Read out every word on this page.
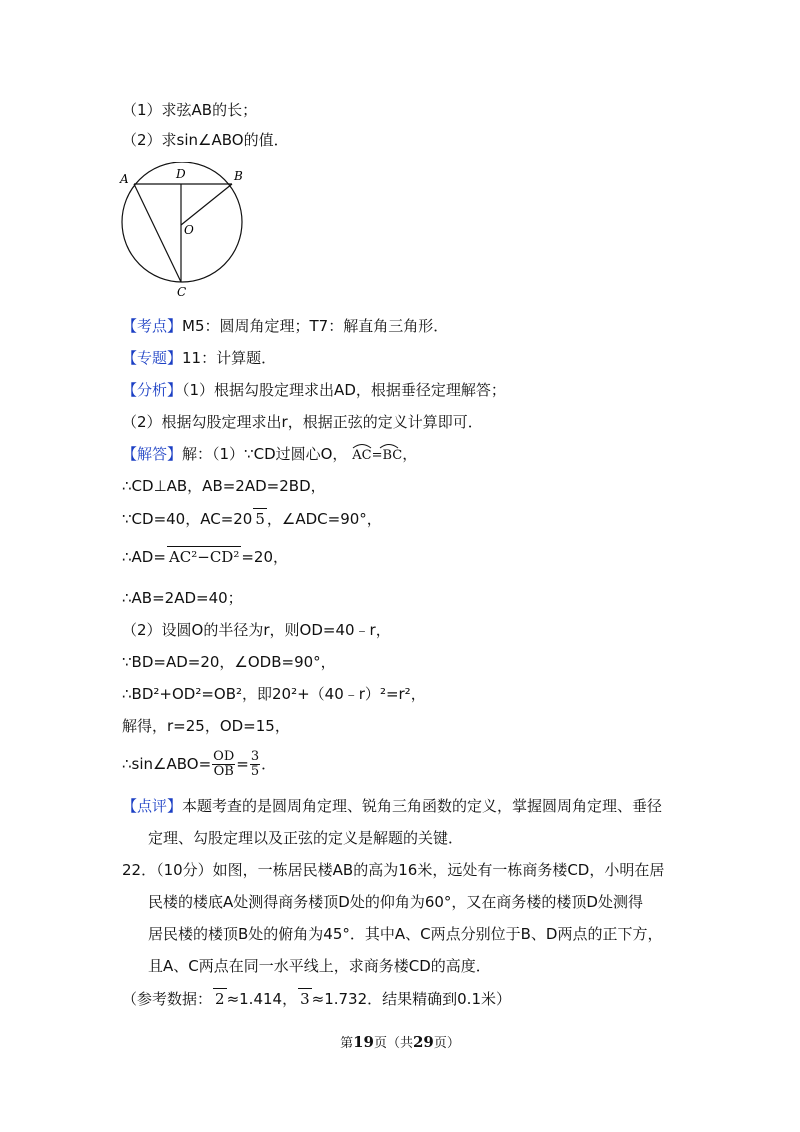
（1）求弦AB的长；
（2）求sin∠ABO的值．
A	D	B
O
C
【考点】M5：圆周角定理；T7：解直角三角形．
【专题】11：计算题．
【分析】（1）根据勾股定理求出AD，根据垂径定理解答；
（2）根据勾股定理求出r，根据正弦的定义计算即可．
【解答】解：（1）∵CD过圆心O， AC=BC，
∴CD⊥AB，AB=2AD=2BD，
∵CD=40，AC=20 5 ，∠ADC=90°，
∴AD= AC²−CD² =20，
∴AB=2AD=40；
（2）设圆O的半径为r，则OD=40﹣r，
∵BD=AD=20，∠ODB=90°，
∴BD²+OD²=OB²，即20²+（40﹣r）²=r²，
解得，r=25，OD=15，
∴sin∠ABO= $\frac{OD}{OB} = \frac{3}{5}$ ．
【点评】本题考查的是圆周角定理、锐角三角函数的定义，掌握圆周角定理、垂径
定理、勾股定理以及正弦的定义是解题的关键．
22．（10分）如图，一栋居民楼AB的高为16米，远处有一栋商务楼CD，小明在居
民楼的楼底A处测得商务楼顶D处的仰角为60°，又在商务楼的楼顶D处测得
居民楼的楼顶B处的俯角为45°．其中A、C两点分别位于B、D两点的正下方，
且A、C两点在同一水平线上，求商务楼CD的高度．
（参考数据： 2 ≈1.414， 3 ≈1.732．结果精确到0.1米）
第19页（共29页）
